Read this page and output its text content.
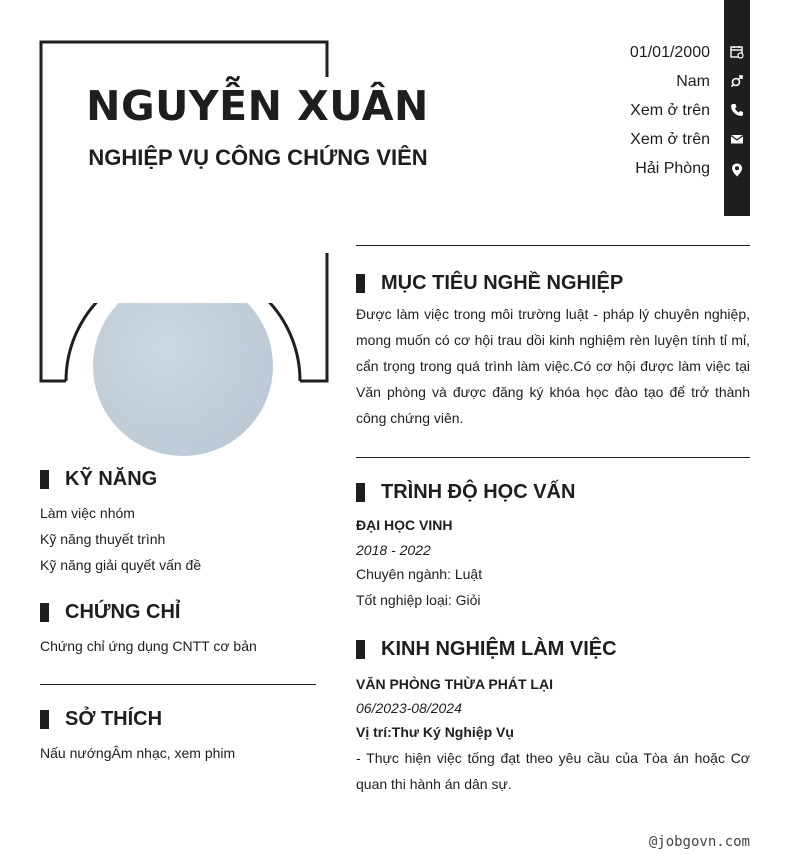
NGUYỄN XUÂN
NGHIỆP VỤ CÔNG CHỨNG VIÊN
01/01/2000
Nam
Xem ở trên
Xem ở trên
Hải Phòng
KỸ NĂNG
Làm việc nhóm
Kỹ năng thuyết trình
Kỹ năng giải quyết vấn đề
CHỨNG CHỈ
Chứng chỉ ứng dụng CNTT cơ bản
SỞ THÍCH
Nấu nướngÂm nhạc, xem phim
MỤC TIÊU NGHỀ NGHIỆP
Được làm việc trong môi trường luật - pháp lý chuyên nghiệp, mong muốn có cơ hội trau dồi kinh nghiệm rèn luyện tính tỉ mỉ, cẩn trọng trong quá trình làm việc.Có cơ hội được làm việc tại Văn phòng và được đăng ký khóa học đào tạo để trở thành công chứng viên.
TRÌNH ĐỘ HỌC VẤN
ĐẠI HỌC VINH
2018 - 2022
Chuyên ngành: Luật
Tốt nghiệp loại: Giỏi
KINH NGHIỆM LÀM VIỆC
VĂN PHÒNG THỪA PHÁT LẠI
06/2023-08/2024
Vị trí:Thư Ký Nghiệp Vụ
- Thực hiện việc tống đạt theo yêu cầu của Tòa án hoặc Cơ quan thi hành án dân sự.
@jobgovn.com
